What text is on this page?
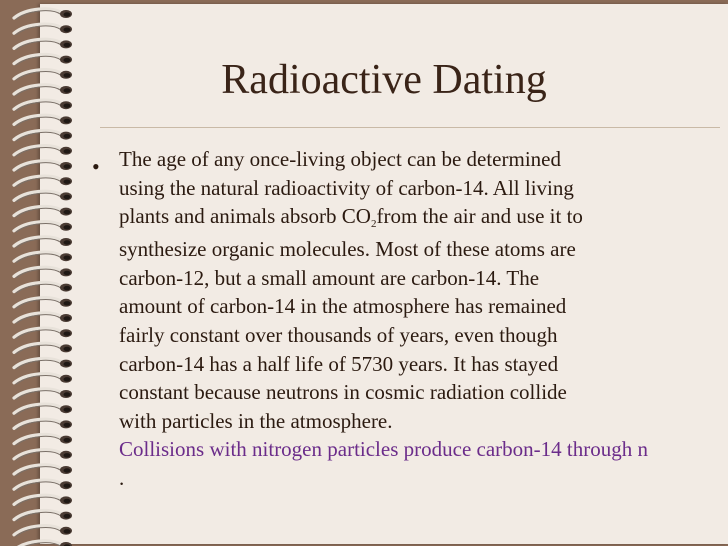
Radioactive Dating
• The age of any once-living object can be determined
using the natural radioactivity of carbon-14. All living
plants and animals absorb $CO_2from$ the air and use it to
synthesize organic molecules. Most of these atoms are
carbon-12, but a small amount are carbon-14. The
amount of carbon-14 in the atmosphere has remained
fairly constant over thousands of years, even though
carbon-14 has a half life of 5730 years. It has stayed
constant because neutrons in cosmic radiation collide
with particles in the atmosphere.
Collisions with nitrogen particles produce carbon-14 through n
.
